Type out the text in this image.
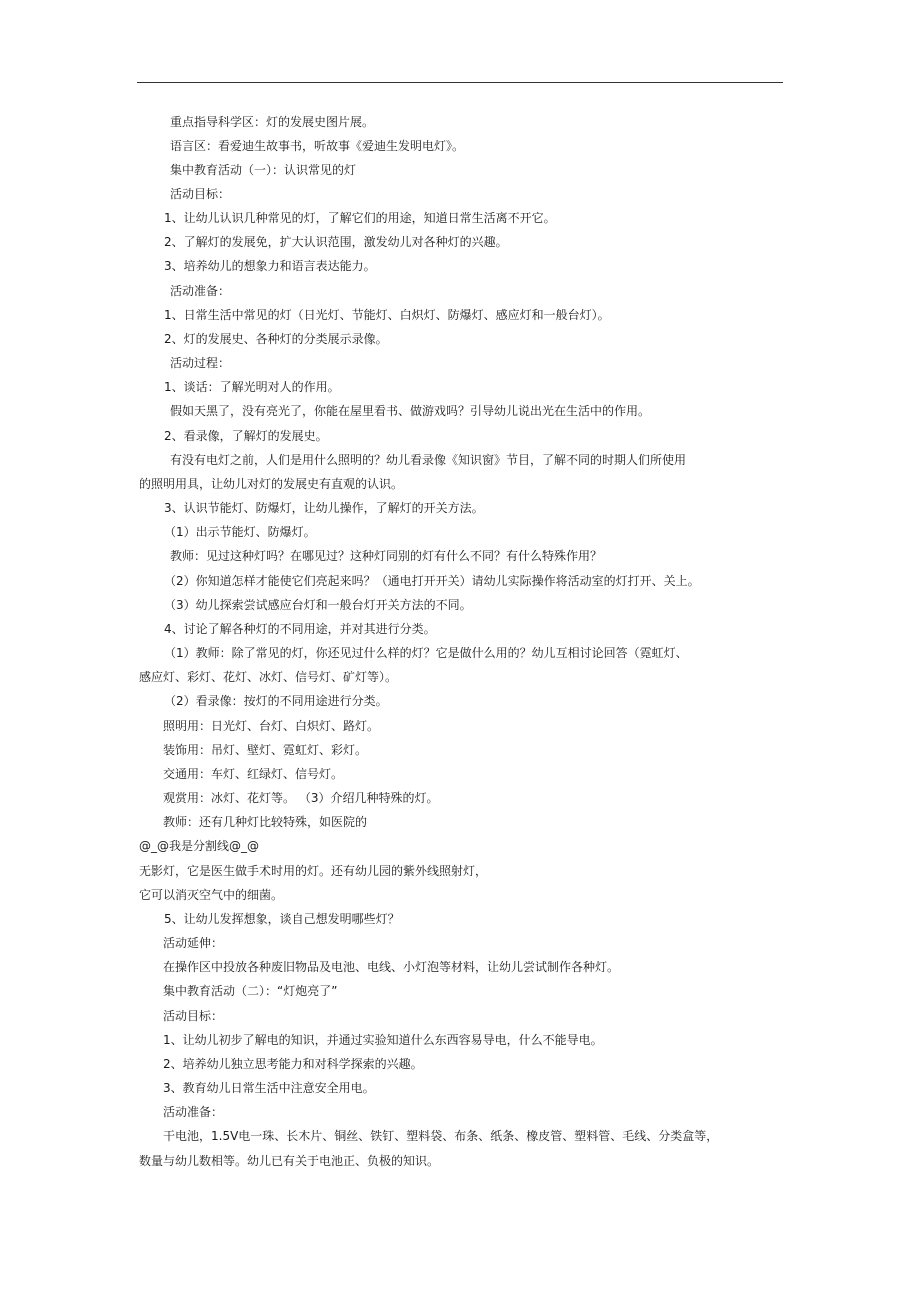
重点指导科学区：灯的发展史图片展。
语言区：看爱迪生故事书，听故事《爱迪生发明电灯》。
集中教育活动（一）：认识常见的灯
活动目标：
1、让幼儿认识几种常见的灯，了解它们的用途，知道日常生活离不开它。
2、了解灯的发展免，扩大认识范围，激发幼儿对各种灯的兴趣。
3、培养幼儿的想象力和语言表达能力。
活动准备：
1、日常生活中常见的灯（日光灯、节能灯、白炽灯、防爆灯、感应灯和一般台灯）。
2、灯的发展史、各种灯的分类展示录像。
活动过程：
1、谈话：了解光明对人的作用。
假如天黑了，没有亮光了，你能在屋里看书、做游戏吗？引导幼儿说出光在生活中的作用。
2、看录像，了解灯的发展史。
有没有电灯之前，人们是用什么照明的？幼儿看录像《知识窗》节目，了解不同的时期人们所使用
的照明用具，让幼儿对灯的发展史有直观的认识。
3、认识节能灯、防爆灯，让幼儿操作，了解灯的开关方法。
（1）出示节能灯、防爆灯。
教师：见过这种灯吗？在哪见过？这种灯同别的灯有什么不同？有什么特殊作用？
（2）你知道怎样才能使它们亮起来吗？（通电打开开关）请幼儿实际操作将活动室的灯打开、关上。
（3）幼儿探索尝试感应台灯和一般台灯开关方法的不同。
4、讨论了解各种灯的不同用途，并对其进行分类。
（1）教师：除了常见的灯，你还见过什么样的灯？它是做什么用的？幼儿互相讨论回答（霓虹灯、
感应灯、彩灯、花灯、冰灯、信号灯、矿灯等）。
（2）看录像：按灯的不同用途进行分类。
照明用：日光灯、台灯、白炽灯、路灯。
装饰用：吊灯、壁灯、霓虹灯、彩灯。
交通用：车灯、红绿灯、信号灯。
观赏用：冰灯、花灯等。 （3）介绍几种特殊的灯。
教师：还有几种灯比较特殊，如医院的
@_@我是分割线@_@
无影灯，它是医生做手术时用的灯。还有幼儿园的紫外线照射灯，
它可以消灭空气中的细菌。
5、让幼儿发挥想象，谈自己想发明哪些灯？
活动延伸：
在操作区中投放各种废旧物品及电池、电线、小灯泡等材料，让幼儿尝试制作各种灯。
集中教育活动（二）：“灯炮亮了”
活动目标：
1、让幼儿初步了解电的知识，并通过实验知道什么东西容易导电，什么不能导电。
2、培养幼儿独立思考能力和对科学探索的兴趣。
3、教育幼儿日常生活中注意安全用电。
活动准备：
干电池，1.5V电一珠、长木片、铜丝、铁钉、塑料袋、布条、纸条、橡皮管、塑料管、毛线、分类盒等，
数量与幼儿数相等。幼儿已有关于电池正、负极的知识。
